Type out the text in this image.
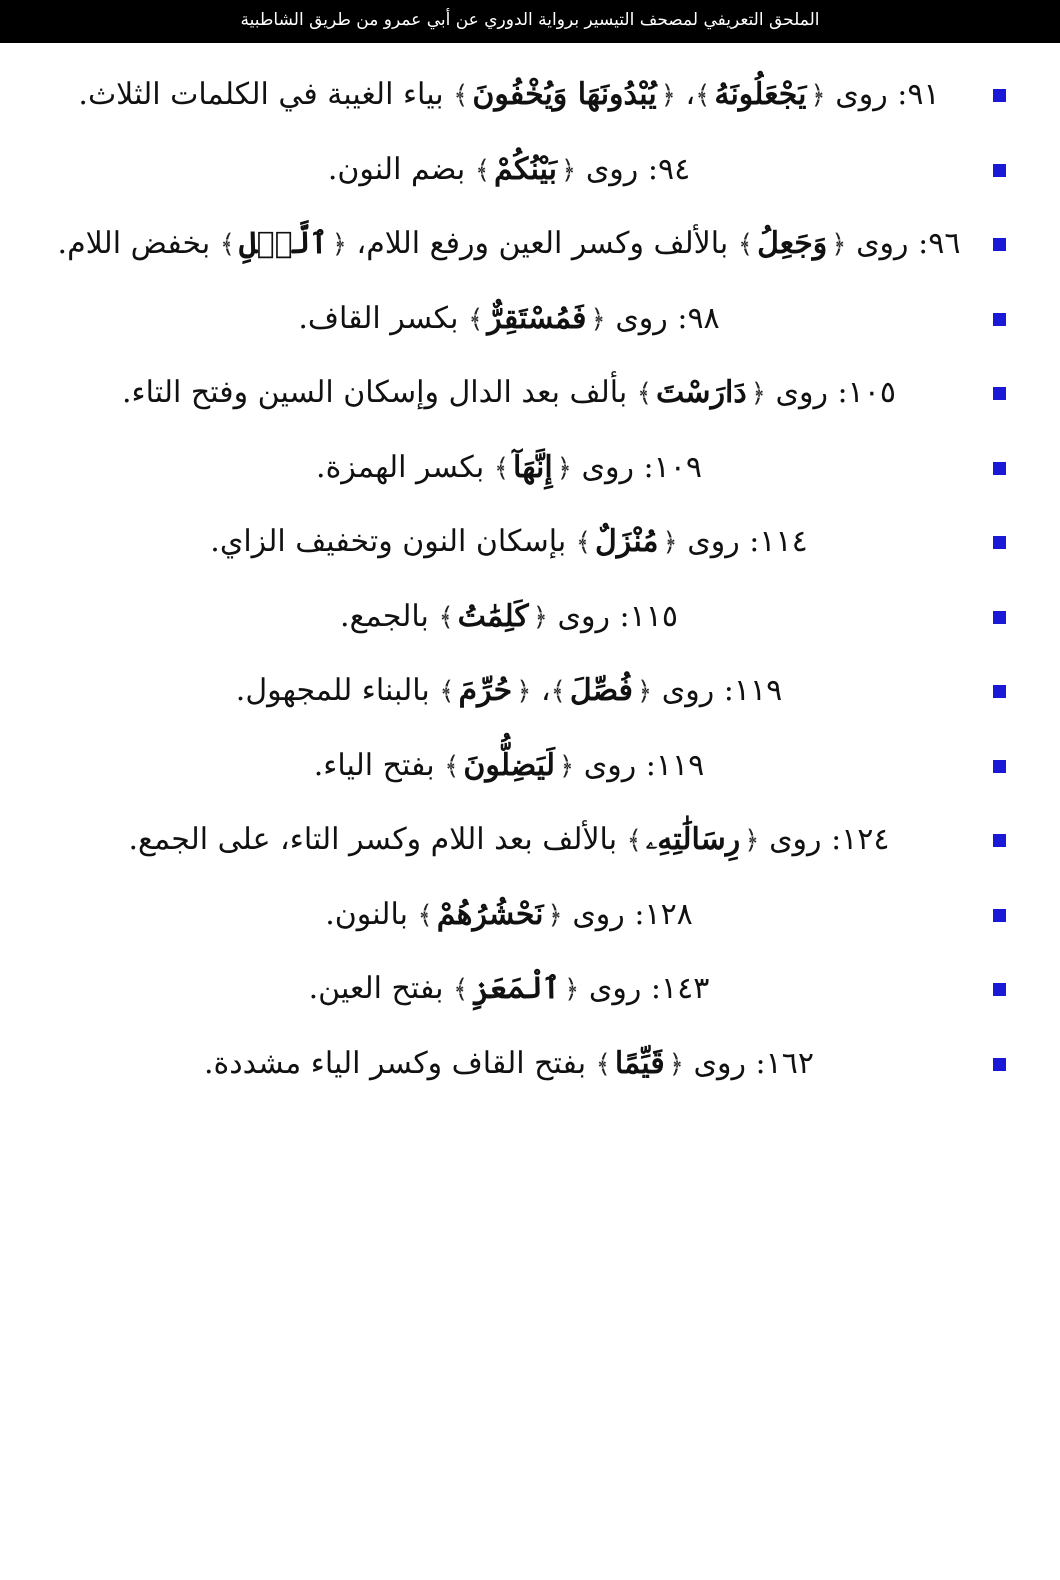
الملحق التعريفي لمصحف التيسير برواية الدوري عن أبي عمرو من طريق الشاطبية
٩١: روى ﴿يَجْعَلُونَهُ﴾، ﴿يُبْدُونَهَا وَيُخْفُونَ﴾ بياء الغيبة في الكلمات الثلاث.
٩٤: روى ﴿بَيْنُكُمْ﴾ بضم النون.
٩٦: روى ﴿وَجَعِلُ﴾ بالألف وكسر العين ورفع اللام، ﴿ٱلَّيۡلِ﴾ بخفض اللام.
٩٨: روى ﴿فَمُسْتَقِرٌّ﴾ بكسر القاف.
١٠٥: روى ﴿دَارَسْتَ﴾ بألف بعد الدال وإسكان السين وفتح التاء.
١٠٩: روى ﴿إِنَّهَآ﴾ بكسر الهمزة.
١١٤: روى ﴿مُنْزَلٌ﴾ بإسكان النون وتخفيف الزاي.
١١٥: روى ﴿كَلِمَٰتُ﴾ بالجمع.
١١٩: روى ﴿فُصِّلَ﴾، ﴿حُرِّمَ﴾ بالبناء للمجهول.
١١٩: روى ﴿لَيَضِلُّونَ﴾ بفتح الياء.
١٢٤: روى ﴿رِسَالَٰتِهِۦ﴾ بالألف بعد اللام وكسر التاء، على الجمع.
١٢٨: روى ﴿نَحْشُرُهُمْ﴾ بالنون.
١٤٣: روى ﴿ٱلْمَعَزِ﴾ بفتح العين.
١٦٢: روى ﴿قَيِّمًا﴾ بفتح القاف وكسر الياء مشددة.
